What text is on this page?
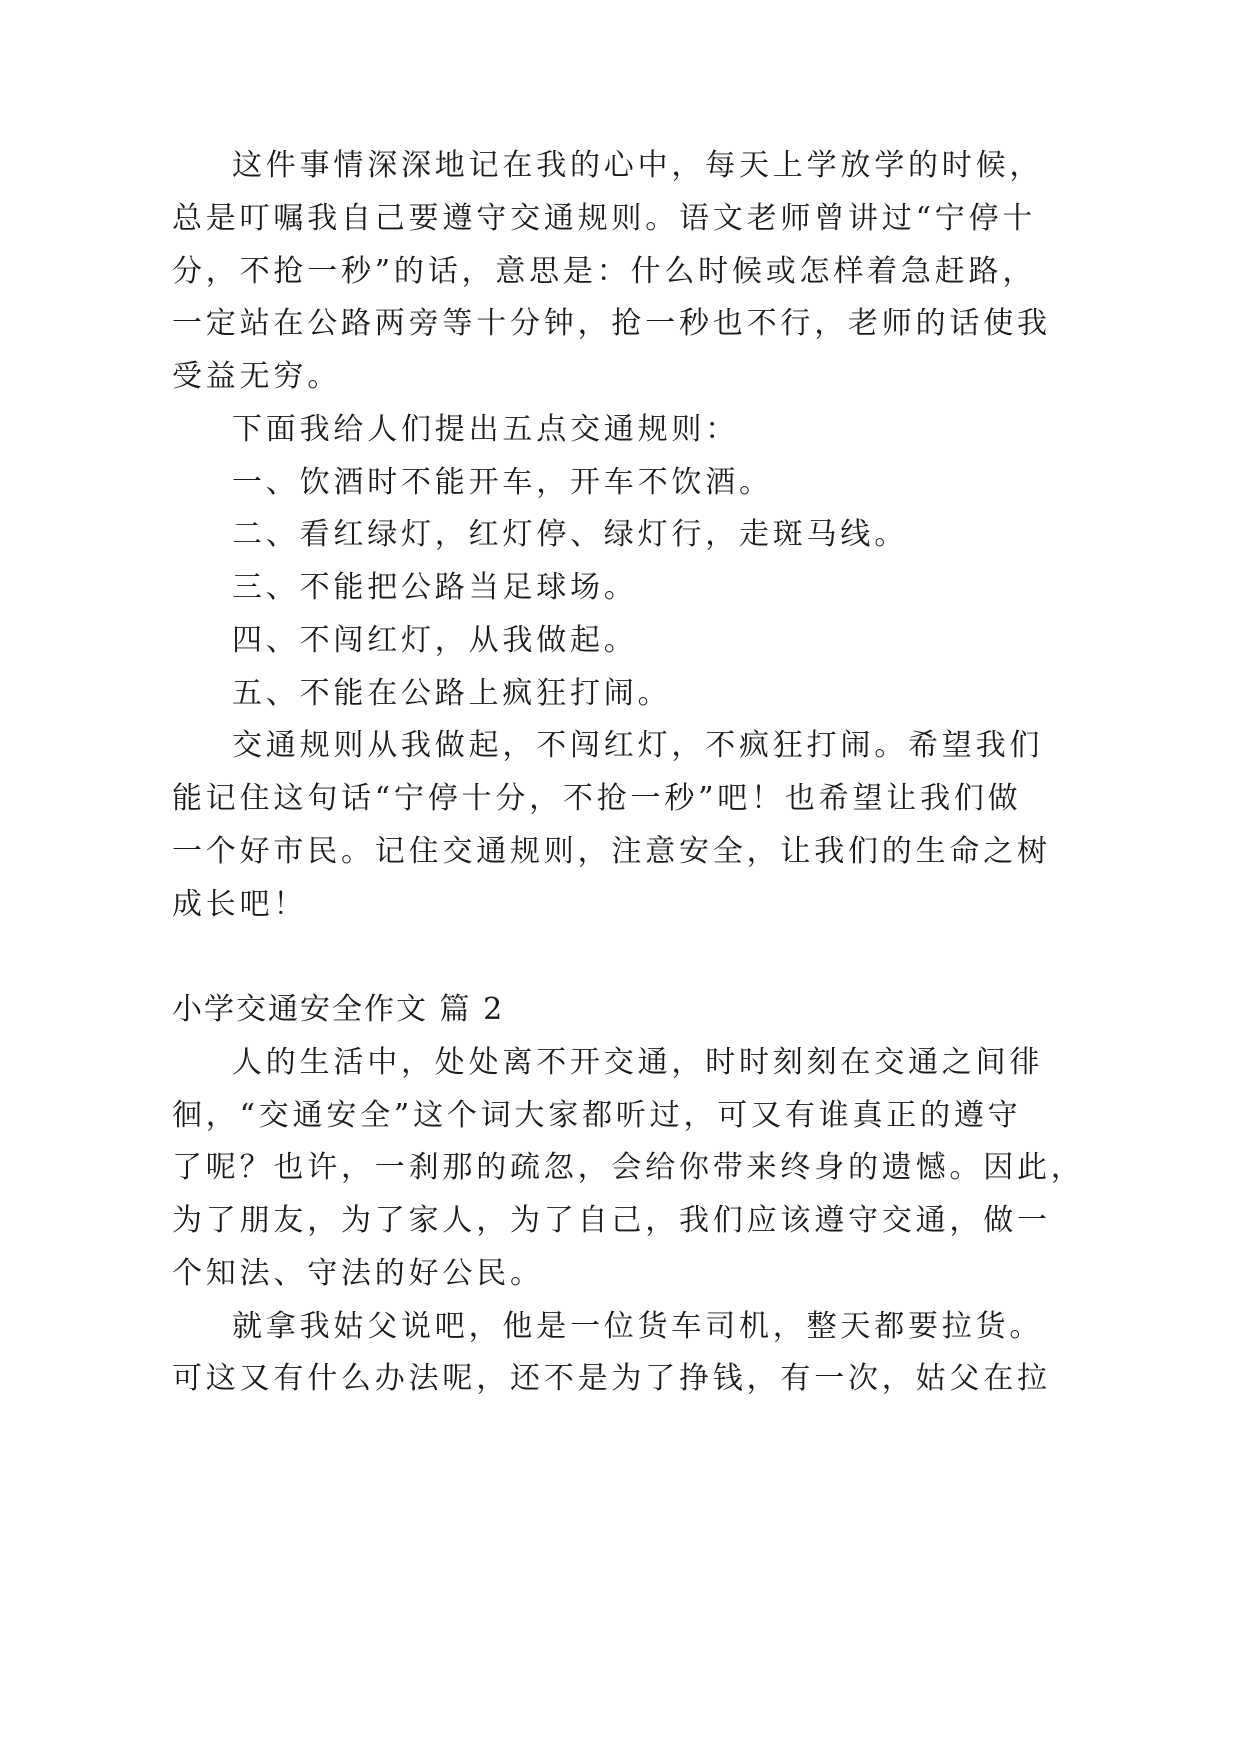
这件事情深深地记在我的心中，每天上学放学的时候，

总是叮嘱我自己要遵守交通规则。语文老师曾讲过“宁停十

分，不抢一秒”的话，意思是：什么时候或怎样着急赶路，

一定站在公路两旁等十分钟，抢一秒也不行，老师的话使我

受益无穷。

下面我给人们提出五点交通规则：

一、饮酒时不能开车，开车不饮酒。

二、看红绿灯，红灯停、绿灯行，走斑马线。

三、不能把公路当足球场。

四、不闯红灯，从我做起。

五、不能在公路上疯狂打闹。

交通规则从我做起，不闯红灯，不疯狂打闹。希望我们

能记住这句话“宁停十分，不抢一秒”吧！也希望让我们做

一个好市民。记住交通规则，注意安全，让我们的生命之树

成长吧！

小学交通安全作文 篇 2

人的生活中，处处离不开交通，时时刻刻在交通之间徘

徊，“交通安全”这个词大家都听过，可又有谁真正的遵守

了呢？也许，一刹那的疏忽，会给你带来终身的遗憾。因此，

为了朋友，为了家人，为了自己，我们应该遵守交通，做一

个知法、守法的好公民。

就拿我姑父说吧，他是一位货车司机，整天都要拉货。

可这又有什么办法呢，还不是为了挣钱，有一次，姑父在拉
